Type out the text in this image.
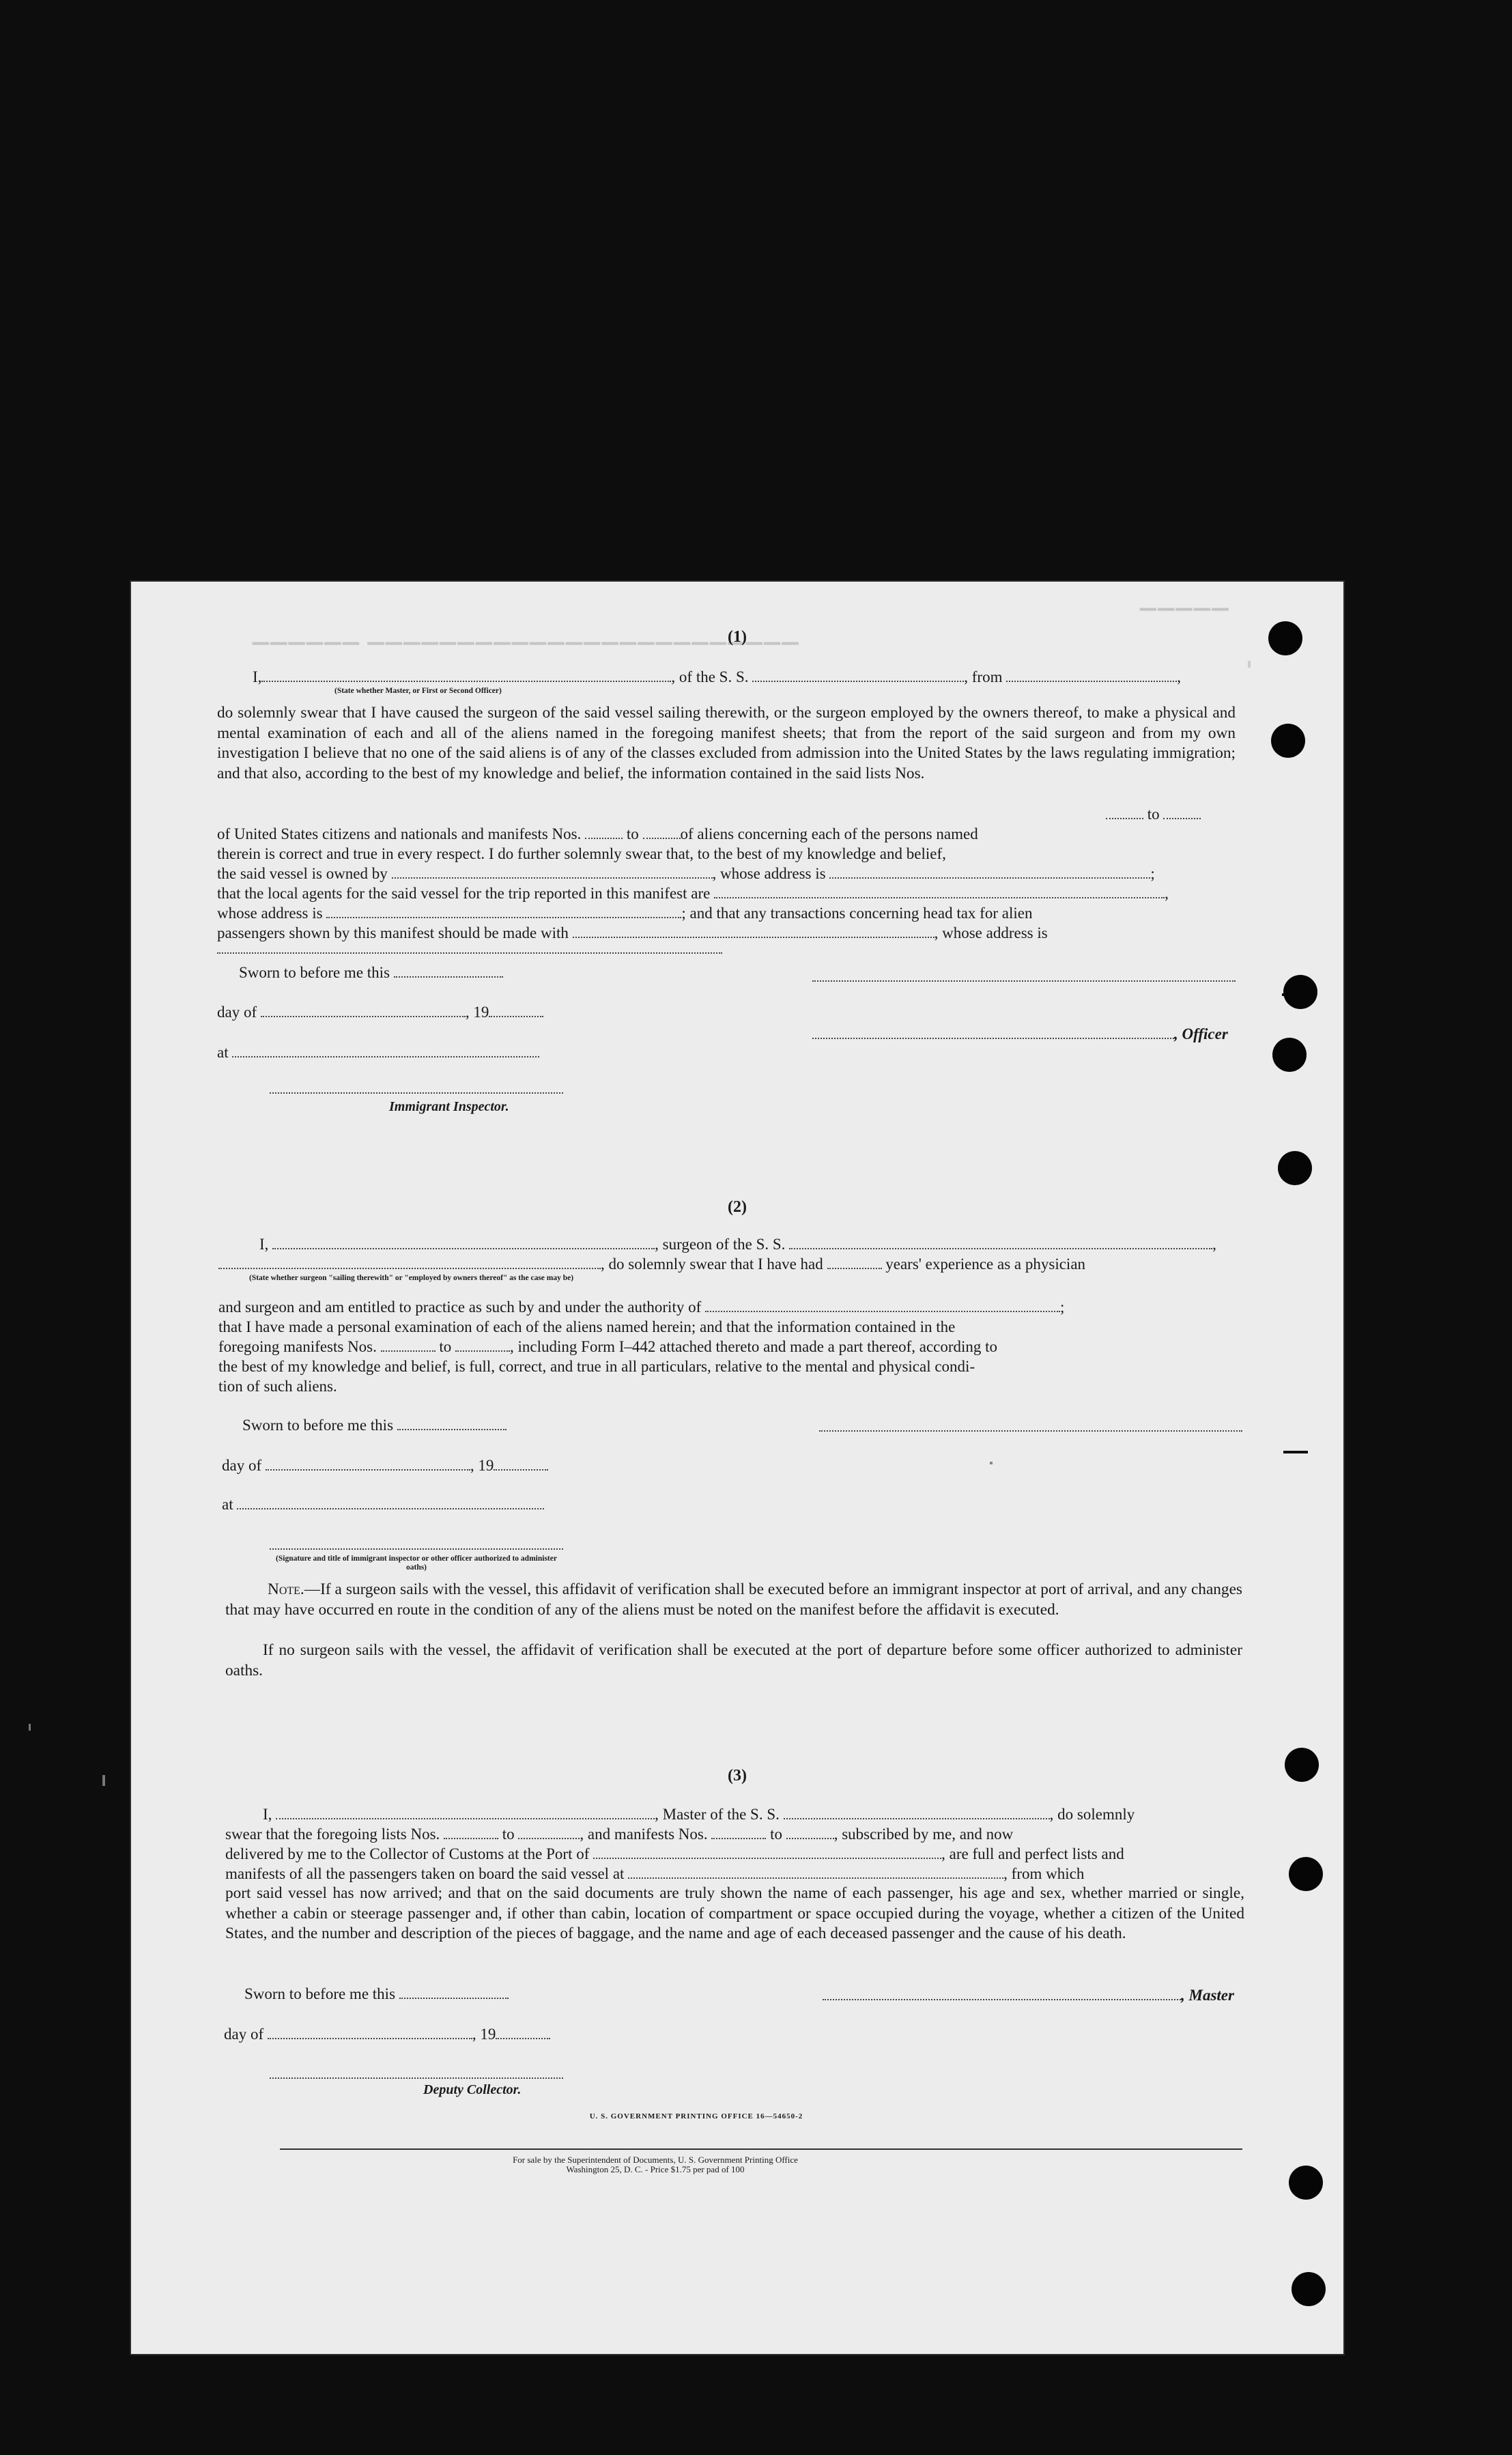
▔▔▔▔▔▔ ▔▔▔▔▔▔▔▔▔▔▔▔▔▔▔▔▔▔▔▔▔▔▔▔
▔▔▔▔▔
(1)
I,	, of the S. S.	, from	,
(State whether Master, or First or Second Officer)
do solemnly swear that I have caused the surgeon of the said vessel sailing therewith, or the surgeon employed by the owners thereof, to make a physical and mental examination of each and all of the aliens named in the foregoing manifest sheets; that from the report of the said surgeon and from my own investigation I believe that no one of the said aliens is of any of the classes excluded from admission into the United States by the laws regulating immigration; and that also, according to the best of my knowledge and belief, the information contained in the said lists Nos.
to
of United States citizens and nationals and manifests Nos.	to	of aliens concerning each of the persons named
therein is correct and true in every respect. I do further solemnly swear that, to the best of my knowledge and belief,
the said vessel is owned by	, whose address is	;
that the local agents for the said vessel for the trip reported in this manifest are	,
whose address is	; and that any transactions concerning head tax for alien
passengers shown by this manifest should be made with	, whose address is
Sworn to before me this
day of	, 19
, Officer
at
Immigrant Inspector.
(2)
I,	, surgeon of the S. S.	,
, do solemnly swear that I have had	years' experience as a physician
(State whether surgeon "sailing therewith" or "employed by owners thereof" as the case may be)
and surgeon and am entitled to practice as such by and under the authority of	;
that I have made a personal examination of each of the aliens named herein; and that the information contained in the
foregoing manifests Nos.	to	, including Form I–442 attached thereto and made a part thereof, according to
the best of my knowledge and belief, is full, correct, and true in all particulars, relative to the mental and physical condi-
tion of such aliens.
Sworn to before me this
day of	, 19
at
(Signature and title of immigrant inspector or other officer authorized to administer oaths)
Note.—If a surgeon sails with the vessel, this affidavit of verification shall be executed before an immigrant inspector at port of arrival, and any changes that may have occurred en route in the condition of any of the aliens must be noted on the manifest before the affidavit is executed.
If no surgeon sails with the vessel, the affidavit of verification shall be executed at the port of departure before some officer authorized to administer oaths.
(3)
I,	, Master of the S. S.	, do solemnly
swear that the foregoing lists Nos.	to	, and manifests Nos.	to	, subscribed by me, and now
delivered by me to the Collector of Customs at the Port of	, are full and perfect lists and
manifests of all the passengers taken on board the said vessel at	, from which
port said vessel has now arrived; and that on the said documents are truly shown the name of each passenger, his age and sex, whether married or single, whether a cabin or steerage passenger and, if other than cabin, location of compartment or space occupied during the voyage, whether a citizen of the United States, and the number and description of the pieces of baggage, and the name and age of each deceased passenger and the cause of his death.
Sworn to before me this	, Master
day of	, 19
Deputy Collector.
U. S. GOVERNMENT PRINTING OFFICE 16—54650-2
For sale by the Superintendent of Documents, U. S. Government Printing Office
Washington 25, D. C. - Price $1.75 per pad of 100
